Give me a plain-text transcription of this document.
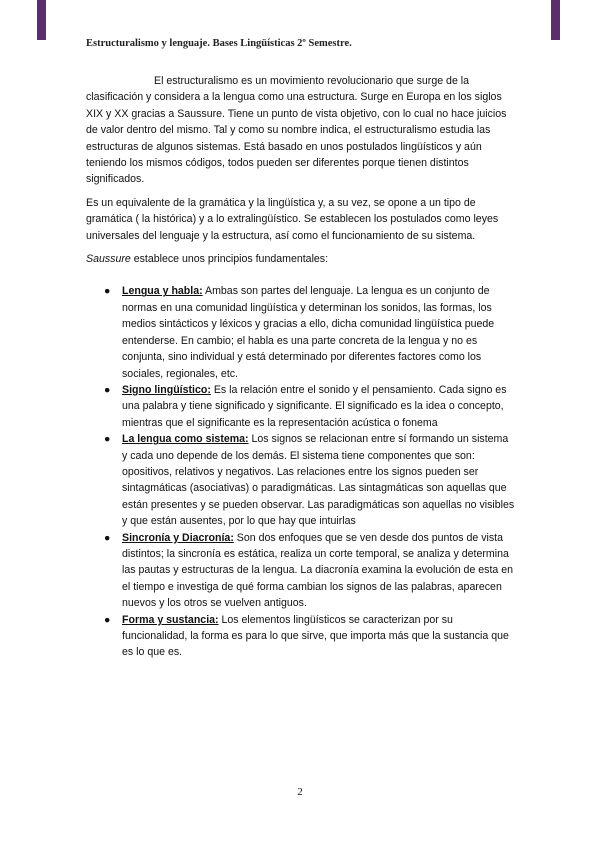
Estructuralismo y lenguaje. Bases Lingüísticas 2º Semestre.

El estructuralismo es un movimiento revolucionario que surge de la clasificación y considera a la lengua como una estructura. Surge en Europa en los siglos XIX y XX gracias a Saussure. Tiene un punto de vista objetivo, con lo cual no hace juicios de valor dentro del mismo. Tal y como su nombre indica, el estructuralismo estudia las estructuras de algunos sistemas. Está basado en unos postulados lingüísticos y aún teniendo los mismos códigos, todos pueden ser diferentes porque tienen distintos significados.

Es un equivalente de la gramática y la lingüística y, a su vez, se opone a un tipo de gramática ( la histórica) y a lo extralingüístico. Se establecen los postulados como leyes universales del lenguaje y la estructura, así como el funcionamiento de su sistema.

Saussure establece unos principios fundamentales:

● Lengua y habla: Ambas son partes del lenguaje. La lengua es un conjunto de normas en una comunidad lingüística y determinan los sonidos, las formas, los medios sintácticos y léxicos y gracias a ello, dicha comunidad lingüística puede entenderse. En cambio; el habla es una parte concreta de la lengua y no es conjunta, sino individual y está determinado por diferentes factores como los sociales, regionales, etc.
● Signo lingüístico: Es la relación entre el sonido y el pensamiento. Cada signo es una palabra y tiene significado y significante. El significado es la idea o concepto, mientras que el significante es la representación acústica o fonema
● La lengua como sistema: Los signos se relacionan entre sí formando un sistema y cada uno depende de los demás. El sistema tiene componentes que son: opositivos, relativos y negativos. Las relaciones entre los signos pueden ser sintagmáticas (asociativas) o paradigmáticas. Las sintagmáticas son aquellas que están presentes y se pueden observar. Las paradigmáticas son aquellas no visibles y que están ausentes, por lo que hay que intuirlas
● Sincronía y Diacronía: Son dos enfoques que se ven desde dos puntos de vista distintos; la sincronía es estática, realiza un corte temporal, se analiza y determina las pautas y estructuras de la lengua. La diacronía examina la evolución de esta en el tiempo e investiga de qué forma cambian los signos de las palabras, aparecen nuevos y los otros se vuelven antiguos.
● Forma y sustancia: Los elementos lingüísticos se caracterizan por su funcionalidad, la forma es para lo que sirve, que importa más que la sustancia que es lo que es.
2
